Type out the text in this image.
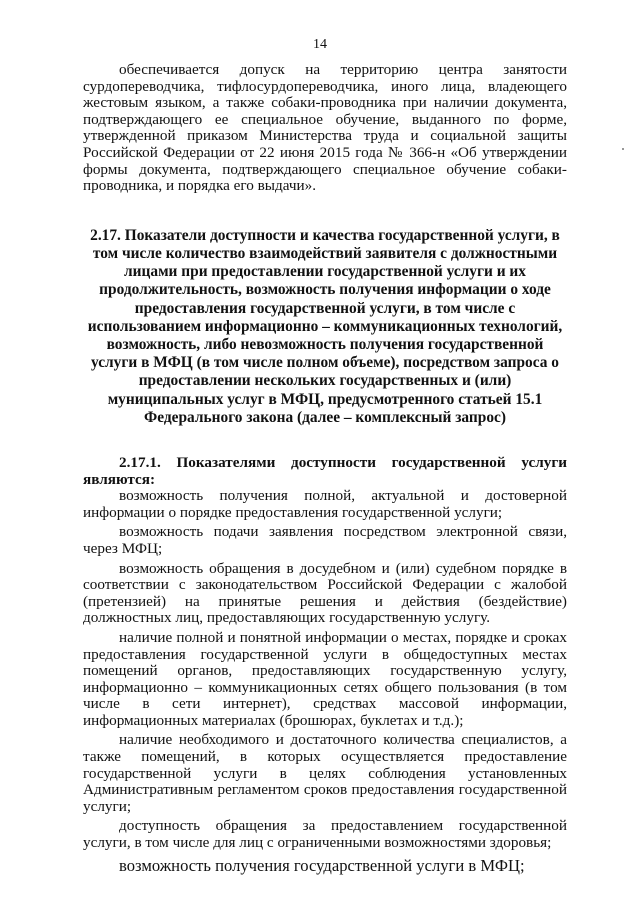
14

обеспечивается допуск на территорию центра занятости сурдопереводчика, тифлосурдопереводчика, иного лица, владеющего жестовым языком, а также собаки-проводника при наличии документа, подтверждающего ее специальное обучение, выданного по форме, утвержденной приказом Министерства труда и социальной защиты Российской Федерации от 22 июня 2015 года № 366-н «Об утверждении формы документа, подтверждающего специальное обучение собаки-проводника, и порядка его выдачи».

2.17. Показатели доступности и качества государственной услуги, в том числе количество взаимодействий заявителя с должностными лицами при предоставлении государственной услуги и их продолжительность, возможность получения информации о ходе предоставления государственной услуги, в том числе с использованием информационно – коммуникационных технологий, возможность, либо невозможность получения государственной услуги в МФЦ (в том числе полном объеме), посредством запроса о предоставлении нескольких государственных и (или) муниципальных услуг в МФЦ, предусмотренного статьей 15.1 Федерального закона (далее – комплексный запрос)

2.17.1. Показателями доступности государственной услуги являются:

возможность получения полной, актуальной и достоверной информации о порядке предоставления государственной услуги;

возможность подачи заявления посредством электронной связи, через МФЦ;

возможность обращения в досудебном и (или) судебном порядке в соответствии с законодательством Российской Федерации с жалобой (претензией) на принятые решения и действия (бездействие) должностных лиц, предоставляющих государственную услугу.

наличие полной и понятной информации о местах, порядке и сроках предоставления государственной услуги в общедоступных местах помещений органов, предоставляющих государственную услугу, информационно – коммуникационных сетях общего пользования (в том числе в сети интернет), средствах массовой информации, информационных материалах (брошюрах, буклетах и т.д.);

наличие необходимого и достаточного количества специалистов, а также помещений, в которых осуществляется предоставление государственной услуги в целях соблюдения установленных Административным регламентом сроков предоставления государственной услуги;

доступность обращения за предоставлением государственной услуги, в том числе для лиц с ограниченными возможностями здоровья;

возможность получения государственной услуги в МФЦ;
